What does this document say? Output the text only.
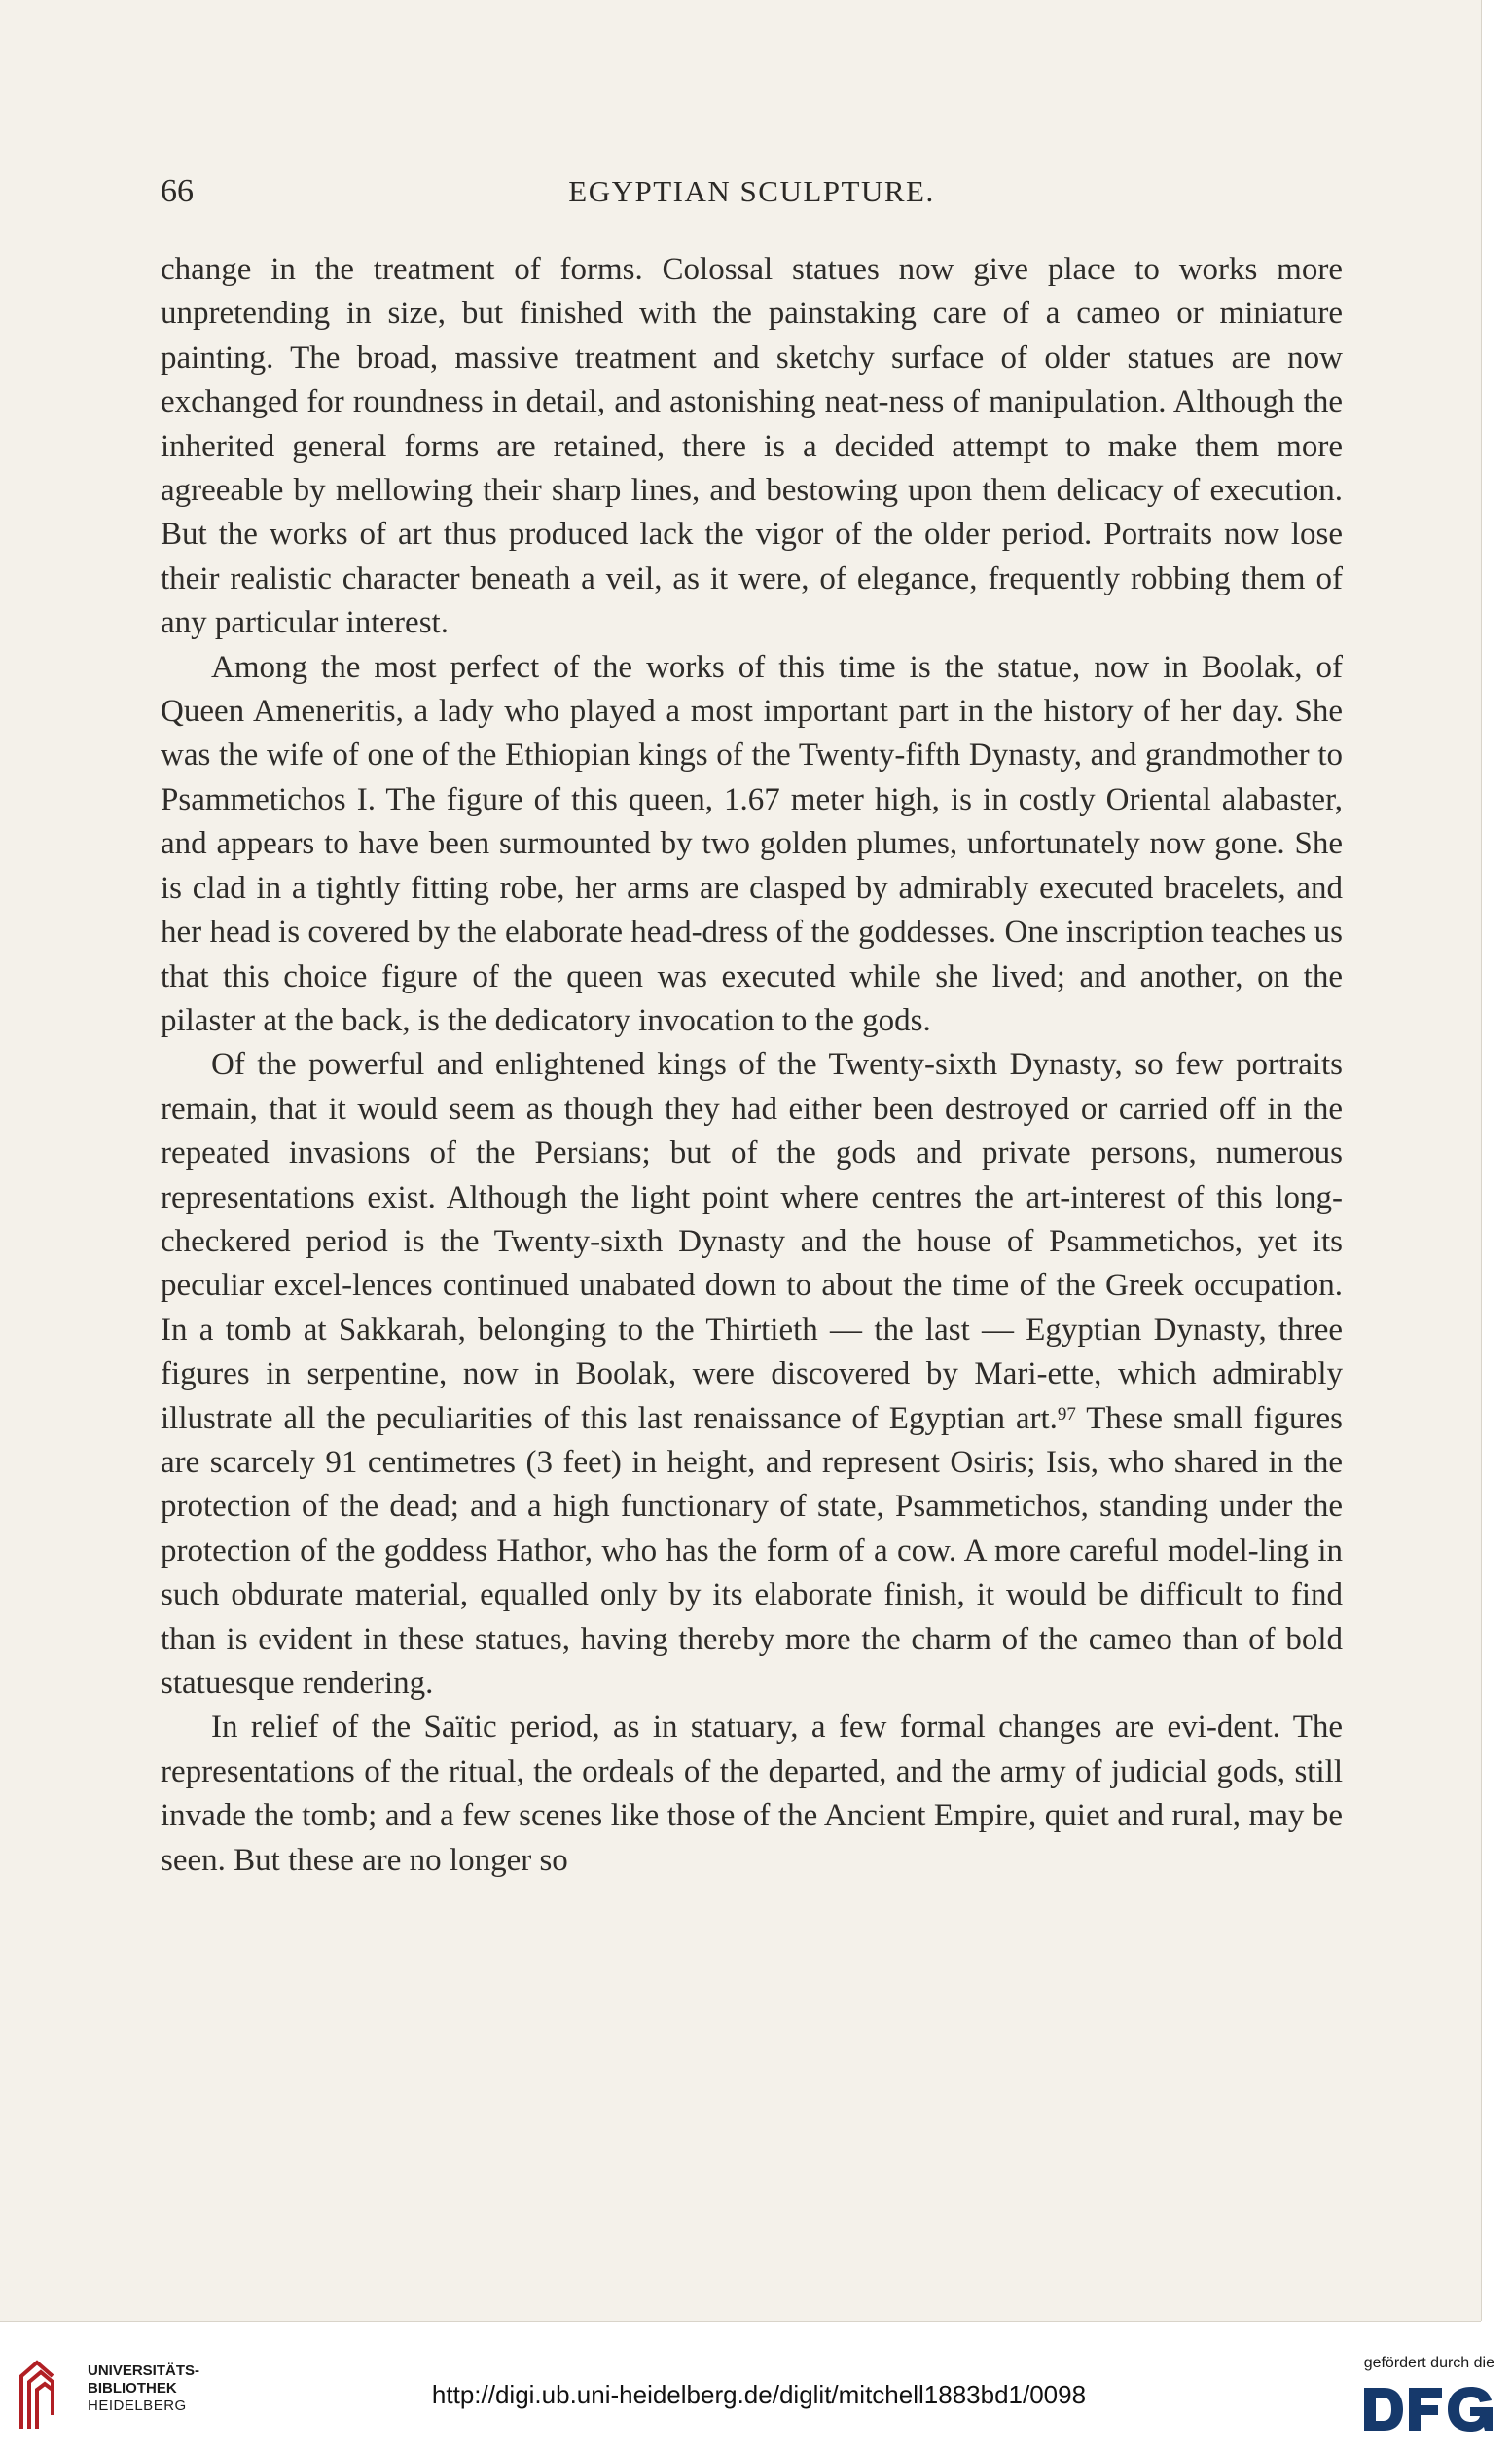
66	EGYPTIAN SCULPTURE.

change in the treatment of forms. Colossal statues now give place to works more unpretending in size, but finished with the painstaking care of a cameo or miniature painting. The broad, massive treatment and sketchy surface of older statues are now exchanged for roundness in detail, and astonishing neat-ness of manipulation. Although the inherited general forms are retained, there is a decided attempt to make them more agreeable by mellowing their sharp lines, and bestowing upon them delicacy of execution. But the works of art thus produced lack the vigor of the older period. Portraits now lose their realistic character beneath a veil, as it were, of elegance, frequently robbing them of any particular interest.

Among the most perfect of the works of this time is the statue, now in Boolak, of Queen Ameneritis, a lady who played a most important part in the history of her day. She was the wife of one of the Ethiopian kings of the Twenty-fifth Dynasty, and grandmother to Psammetichos I. The figure of this queen, 1.67 meter high, is in costly Oriental alabaster, and appears to have been surmounted by two golden plumes, unfortunately now gone. She is clad in a tightly fitting robe, her arms are clasped by admirably executed bracelets, and her head is covered by the elaborate head-dress of the goddesses. One inscription teaches us that this choice figure of the queen was executed while she lived; and another, on the pilaster at the back, is the dedicatory invocation to the gods.

Of the powerful and enlightened kings of the Twenty-sixth Dynasty, so few portraits remain, that it would seem as though they had either been destroyed or carried off in the repeated invasions of the Persians; but of the gods and private persons, numerous representations exist. Although the light point where centres the art-interest of this long-checkered period is the Twenty-sixth Dynasty and the house of Psammetichos, yet its peculiar excel-lences continued unabated down to about the time of the Greek occupation. In a tomb at Sakkarah, belonging to the Thirtieth — the last — Egyptian Dynasty, three figures in serpentine, now in Boolak, were discovered by Mari-ette, which admirably illustrate all the peculiarities of this last renaissance of Egyptian art.$^{97}$ These small figures are scarcely 91 centimetres (3 feet) in height, and represent Osiris; Isis, who shared in the protection of the dead; and a high functionary of state, Psammetichos, standing under the protection of the goddess Hathor, who has the form of a cow. A more careful model-ling in such obdurate material, equalled only by its elaborate finish, it would be difficult to find than is evident in these statues, having thereby more the charm of the cameo than of bold statuesque rendering.

In relief of the Saïtic period, as in statuary, a few formal changes are evi-dent. The representations of the ritual, the ordeals of the departed, and the army of judicial gods, still invade the tomb; and a few scenes like those of the Ancient Empire, quiet and rural, may be seen. But these are no longer so

UNIVERSITÄTS-
BIBLIOTHEK
HEIDELBERG	http://digi.ub.uni-heidelberg.de/diglit/mitchell1883bd1/0098
gefördert durch die
